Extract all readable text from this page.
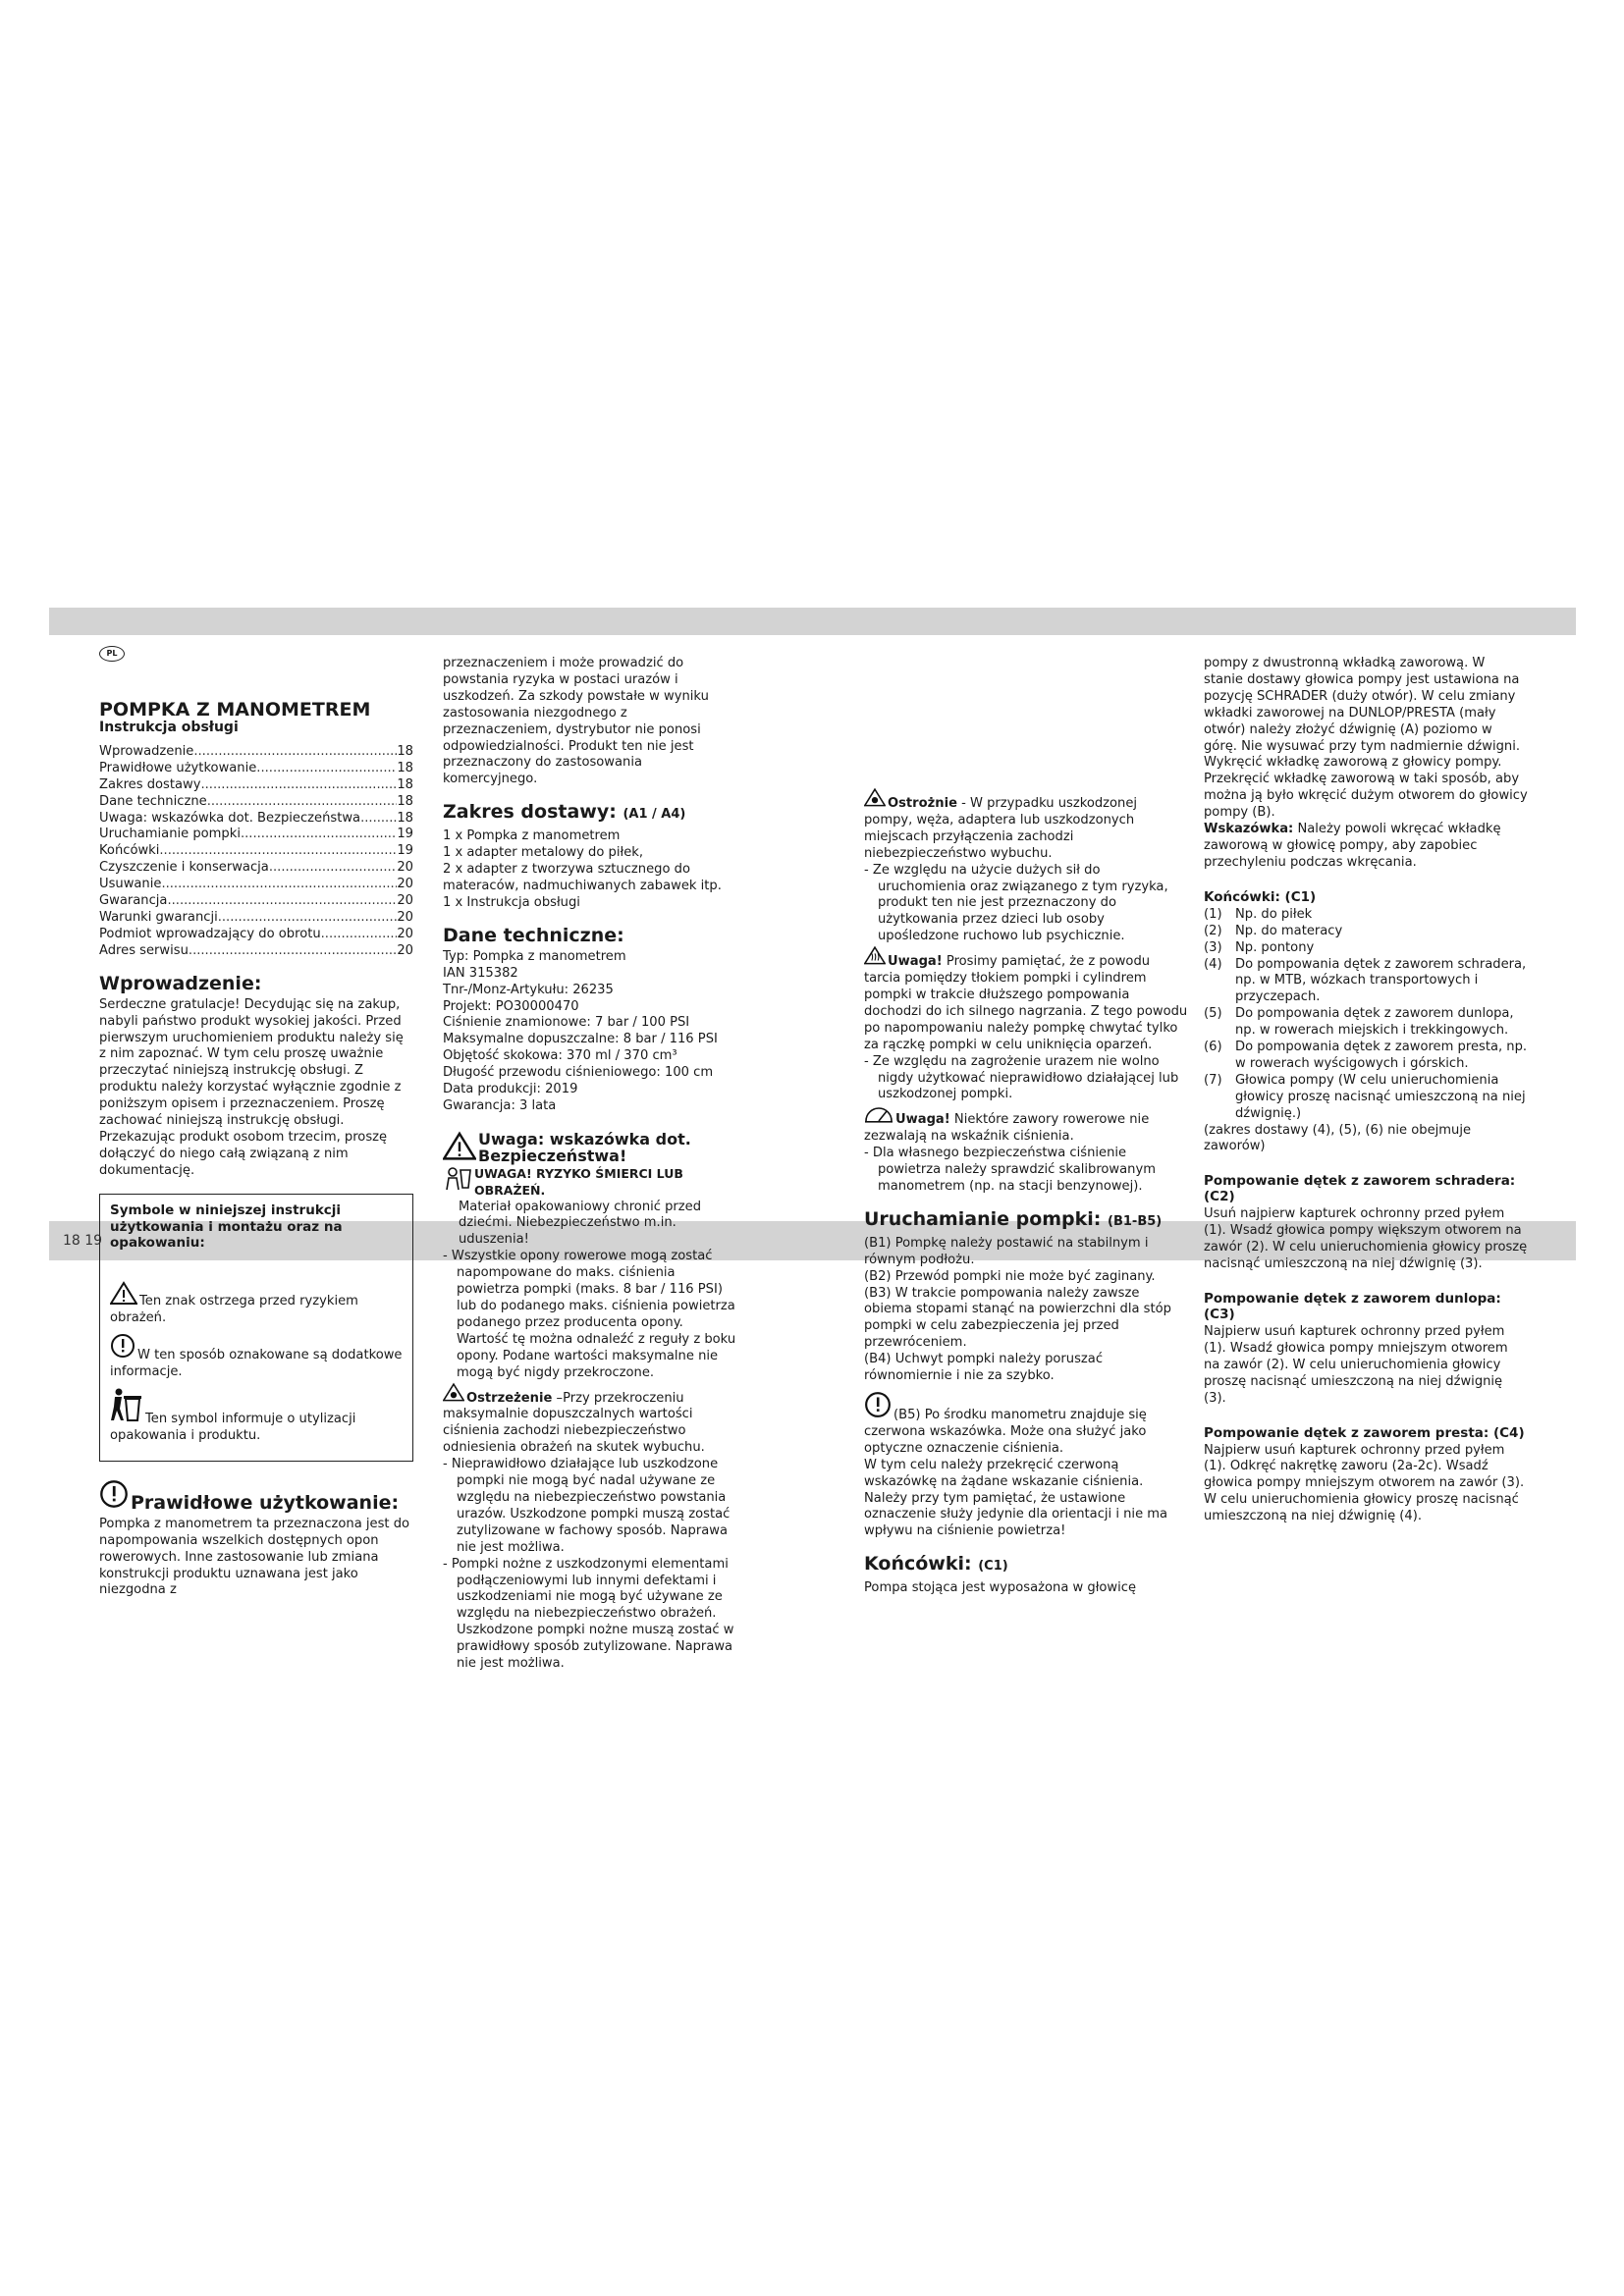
18 19
PL
POMPKA Z MANOMETREM
Instrukcja obsługi
Wprowadzenie .....	18
Prawidłowe użytkowanie .....	18
Zakres dostawy .....	18
Dane techniczne .....	18
Uwaga: wskazówka dot. Bezpieczeństwa .....	18
Uruchamianie pompki .....	19
Końcówki .....	19
Czyszczenie i konserwacja .....	20
Usuwanie .....	20
Gwarancja .....	20
Warunki gwarancji .....	20
Podmiot wprowadzający do obrotu .....	20
Adres serwisu .....	20
Wprowadzenie:

Serdeczne gratulacje! Decydując się na zakup, nabyli państwo produkt wysokiej jakości. Przed pierwszym uruchomieniem produktu należy się z nim zapoznać. W tym celu proszę uważnie przeczytać niniejszą instrukcję obsługi. Z produktu należy korzystać wyłącznie zgodnie z poniższym opisem i przeznaczeniem. Proszę zachować niniejszą instrukcję obsługi. Przekazując produkt osobom trzecim, proszę dołączyć do niego całą związaną z nim dokumentację.

Symbole w niniejszej instrukcji użytkowania i montażu oraz na opakowaniu:

Ten znak ostrzega przed ryzykiem obrażeń.

W ten sposób oznakowane są dodatkowe informacje.

Ten symbol informuje o utylizacji opakowania i produktu.

Prawidłowe użytkowanie:

Pompka z manometrem ta przeznaczona jest do napompowania wszelkich dostępnych opon rowerowych. Inne zastosowanie lub zmiana konstrukcji produktu uznawana jest jako niezgodna z

przeznaczeniem i może prowadzić do powstania ryzyka w postaci urazów i uszkodzeń. Za szkody powstałe w wyniku zastosowania niezgodnego z przeznaczeniem, dystrybutor nie ponosi odpowiedzialności. Produkt ten nie jest przeznaczony do zastosowania komercyjnego.

Zakres dostawy: (A1 / A4)

1 x Pompka z manometrem

1 x adapter metalowy do piłek,

2 x adapter z tworzywa sztucznego do materaców, nadmuchiwanych zabawek itp.

1 x Instrukcja obsługi

Dane techniczne:

Typ: Pompka z manometrem

IAN 315382

Tnr-/Monz-Artykułu: 26235

Projekt: PO30000470

Ciśnienie znamionowe: 7 bar / 100 PSI

Maksymalne dopuszczalne: 8 bar / 116 PSI

Objętość skokowa: 370 ml / 370 cm³

Długość przewodu ciśnieniowego: 100 cm

Data produkcji: 2019

Gwarancja: 3 lata

Uwaga: wskazówka dot. Bezpieczeństwa!
UWAGA! RYZYKO ŚMIERCI LUB OBRAŻEŃ.

Materiał opakowaniowy chronić przed dziećmi. Niebezpieczeństwo m.in. uduszenia!

- Wszystkie opony rowerowe mogą zostać napompowane do maks. ciśnienia powietrza pompki (maks. 8 bar / 116 PSI) lub do podanego maks. ciśnienia powietrza podanego przez producenta opony. Wartość tę można odnaleźć z reguły z boku opony. Podane wartości maksymalne nie mogą być nigdy przekroczone.

Ostrzeżenie –Przy przekroczeniu maksymalnie dopuszczalnych wartości ciśnienia zachodzi niebezpieczeństwo odniesienia obrażeń na skutek wybuchu.

- Nieprawidłowo działające lub uszkodzone pompki nie mogą być nadal używane ze względu na niebezpieczeństwo powstania urazów. Uszkodzone pompki muszą zostać zutylizowane w fachowy sposób. Naprawa nie jest możliwa.

- Pompki nożne z uszkodzonymi elementami podłączeniowymi lub innymi defektami i uszkodzeniami nie mogą być używane ze względu na niebezpieczeństwo obrażeń. Uszkodzone pompki nożne muszą zostać w prawidłowy sposób zutylizowane. Naprawa nie jest możliwa.

Ostrożnie - W przypadku uszkodzonej pompy, węża, adaptera lub uszkodzonych miejscach przyłączenia zachodzi niebezpieczeństwo wybuchu.

- Ze względu na użycie dużych sił do uruchomienia oraz związanego z tym ryzyka, produkt ten nie jest przeznaczony do użytkowania przez dzieci lub osoby upośledzone ruchowo lub psychicznie.

Uwaga! Prosimy pamiętać, że z powodu tarcia pomiędzy tłokiem pompki i cylindrem pompki w trakcie dłuższego pompowania dochodzi do ich silnego nagrzania. Z tego powodu po napompowaniu należy pompkę chwytać tylko za rączkę pompki w celu uniknięcia oparzeń.

- Ze względu na zagrożenie urazem nie wolno nigdy użytkować nieprawidłowo działającej lub uszkodzonej pompki.

Uwaga! Niektóre zawory rowerowe nie zezwalają na wskaźnik ciśnienia.

- Dla własnego bezpieczeństwa ciśnienie powietrza należy sprawdzić skalibrowanym manometrem (np. na stacji benzynowej).

Uruchamianie pompki: (B1-B5)

(B1) Pompkę należy postawić na stabilnym i równym podłożu.

(B2) Przewód pompki nie może być zaginany.

(B3) W trakcie pompowania należy zawsze obiema stopami stanąć na powierzchni dla stóp pompki w celu zabezpieczenia jej przed przewróceniem.

(B4) Uchwyt pompki należy poruszać równomiernie i nie za szybko.

(B5) Po środku manometru znajduje się czerwona wskazówka. Może ona służyć jako optyczne oznaczenie ciśnienia.

W tym celu należy przekręcić czerwoną wskazówkę na żądane wskazanie ciśnienia.

Należy przy tym pamiętać, że ustawione oznaczenie służy jedynie dla orientacji i nie ma wpływu na ciśnienie powietrza!

Końcówki: (C1)

Pompa stojąca jest wyposażona w głowicę

pompy z dwustronną wkładką zaworową. W stanie dostawy głowica pompy jest ustawiona na pozycję SCHRADER (duży otwór). W celu zmiany wkładki zaworowej na DUNLOP/PRESTA (mały otwór) należy złożyć dźwignię (A) poziomo w górę. Nie wysuwać przy tym nadmiernie dźwigni. Wykręcić wkładkę zaworową z głowicy pompy. Przekręcić wkładkę zaworową w taki sposób, aby można ją było wkręcić dużym otworem do głowicy pompy (B).

Wskazówka: Należy powoli wkręcać wkładkę zaworową w głowicę pompy, aby zapobiec przechyleniu podczas wkręcania.

Końcówki: (C1)
(1)	Np. do piłek
(2)	Np. do materacy
(3)	Np. pontony
(4)	Do pompowania dętek z zaworem schradera, np. w MTB, wózkach transportowych i przyczepach.
(5)	Do pompowania dętek z zaworem dunlopa, np. w rowerach miejskich i trekkingowych.
(6)	Do pompowania dętek z zaworem presta, np. w rowerach wyścigowych i górskich.
(7)	Głowica pompy (W celu unieruchomienia głowicy proszę nacisnąć umieszczoną na niej dźwignię.)

(zakres dostawy (4), (5), (6) nie obejmuje zaworów)

Pompowanie dętek z zaworem schradera: (C2)

Usuń najpierw kapturek ochronny przed pyłem (1). Wsadź głowica pompy większym otworem na zawór (2). W celu unieruchomienia głowicy proszę nacisnąć umieszczoną na niej dźwignię (3).

Pompowanie dętek z zaworem dunlopa: (C3)

Najpierw usuń kapturek ochronny przed pyłem (1). Wsadź głowica pompy mniejszym otworem na zawór (2). W celu unieruchomienia głowicy proszę nacisnąć umieszczoną na niej dźwignię (3).

Pompowanie dętek z zaworem presta: (C4)

Najpierw usuń kapturek ochronny przed pyłem (1). Odkręć nakrętkę zaworu (2a-2c). Wsadź głowica pompy mniejszym otworem na zawór (3). W celu unieruchomienia głowicy proszę nacisnąć umieszczoną na niej dźwignię (4).
